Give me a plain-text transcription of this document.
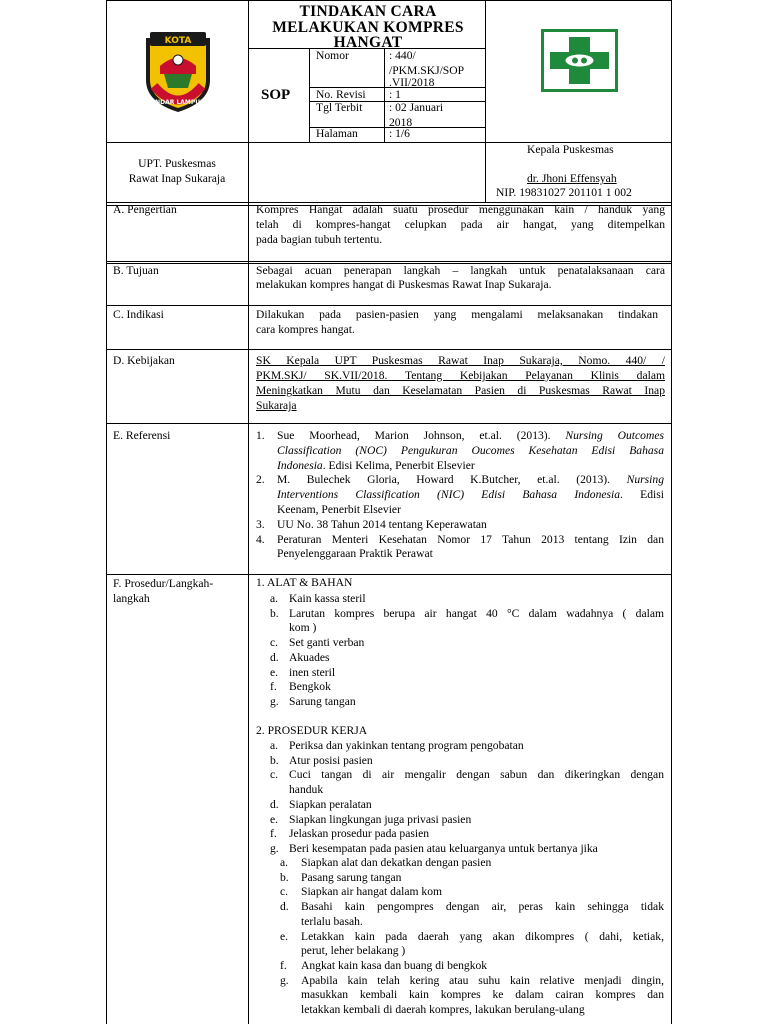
TINDAKAN CARA
MELAKUKAN KOMPRES
HANGAT
SOP
Nomor	: 440/
/PKM.SKJ/SOP
.VII/2018
No. Revisi : 1
Tgl Terbit : 02 Januari
2018
Halaman	: 1/6
KOTA
BANDAR LAMPUNG
UPT. Puskesmas
Rawat Inap Sukaraja
Kepala Puskesmas
dr. Jhoni Effensyah
NIP. 19831027 201101 1 002
A. Pengertian	Kompres Hangat adalah suatu prosedur menggunakan kain / handuk yang
telah di kompres-hangat celupkan pada air hangat, yang ditempelkan
pada bagian tubuh tertentu.
B. Tujuan	Sebagai acuan penerapan langkah – langkah untuk penatalaksanaan cara
melakukan kompres hangat di Puskesmas Rawat Inap Sukaraja.
C. Indikasi	Dilakukan pada pasien-pasien yang mengalami melaksanakan tindakan
cara kompres hangat.
D. Kebijakan	SK Kepala UPT Puskesmas Rawat Inap Sukaraja, Nomo. 440/ /
PKM.SKJ/ SK.VII/2018. Tentang Kebijakan Pelayanan Klinis dalam
Meningkatkan Mutu dan Keselamatan Pasien di Puskesmas Rawat Inap
Sukaraja
E. Referensi	1. Sue Moorhead, Marion Johnson, et.al. (2013). Nursing Outcomes
Classification (NOC) Pengukuran Oucomes Kesehatan Edisi Bahasa
Indonesia. Edisi Kelima, Penerbit Elsevier
2. M. Bulechek Gloria, Howard K.Butcher, et.al. (2013). Nursing
Interventions Classification (NIC) Edisi Bahasa Indonesia. Edisi
Keenam, Penerbit Elsevier
3. UU No. 38 Tahun 2014 tentang Keperawatan
4. Peraturan Menteri Kesehatan Nomor 17 Tahun 2013 tentang Izin dan
Penyelenggaraan Praktik Perawat
F. Prosedur/Langkah-
langkah
1. ALAT & BAHAN
a. Kain kassa steril
b. Larutan kompres berupa air hangat 40 °C dalam wadahnya ( dalam
kom )
c. Set ganti verban
d. Akuades
e. inen steril
f. Bengkok
g. Sarung tangan
2. PROSEDUR KERJA
a. Periksa dan yakinkan tentang program pengobatan
b. Atur posisi pasien
c. Cuci tangan di air mengalir dengan sabun dan dikeringkan dengan
handuk
d. Siapkan peralatan
e. Siapkan lingkungan juga privasi pasien
f. Jelaskan prosedur pada pasien
g. Beri kesempatan pada pasien atau keluarganya untuk bertanya jika
a. Siapkan alat dan dekatkan dengan pasien
b. Pasang sarung tangan
c. Siapkan air hangat dalam kom
d. Basahi kain pengompres dengan air, peras kain sehingga tidak
terlalu basah.
e. Letakkan kain pada daerah yang akan dikompres ( dahi, ketiak,
perut, leher belakang )
f. Angkat kain kasa dan buang di bengkok
g. Apabila kain telah kering atau suhu kain relative menjadi dingin,
masukkan kembali kain kompres ke dalam cairan kompres dan
letakkan kembali di daerah kompres, lakukan berulang-ulang
